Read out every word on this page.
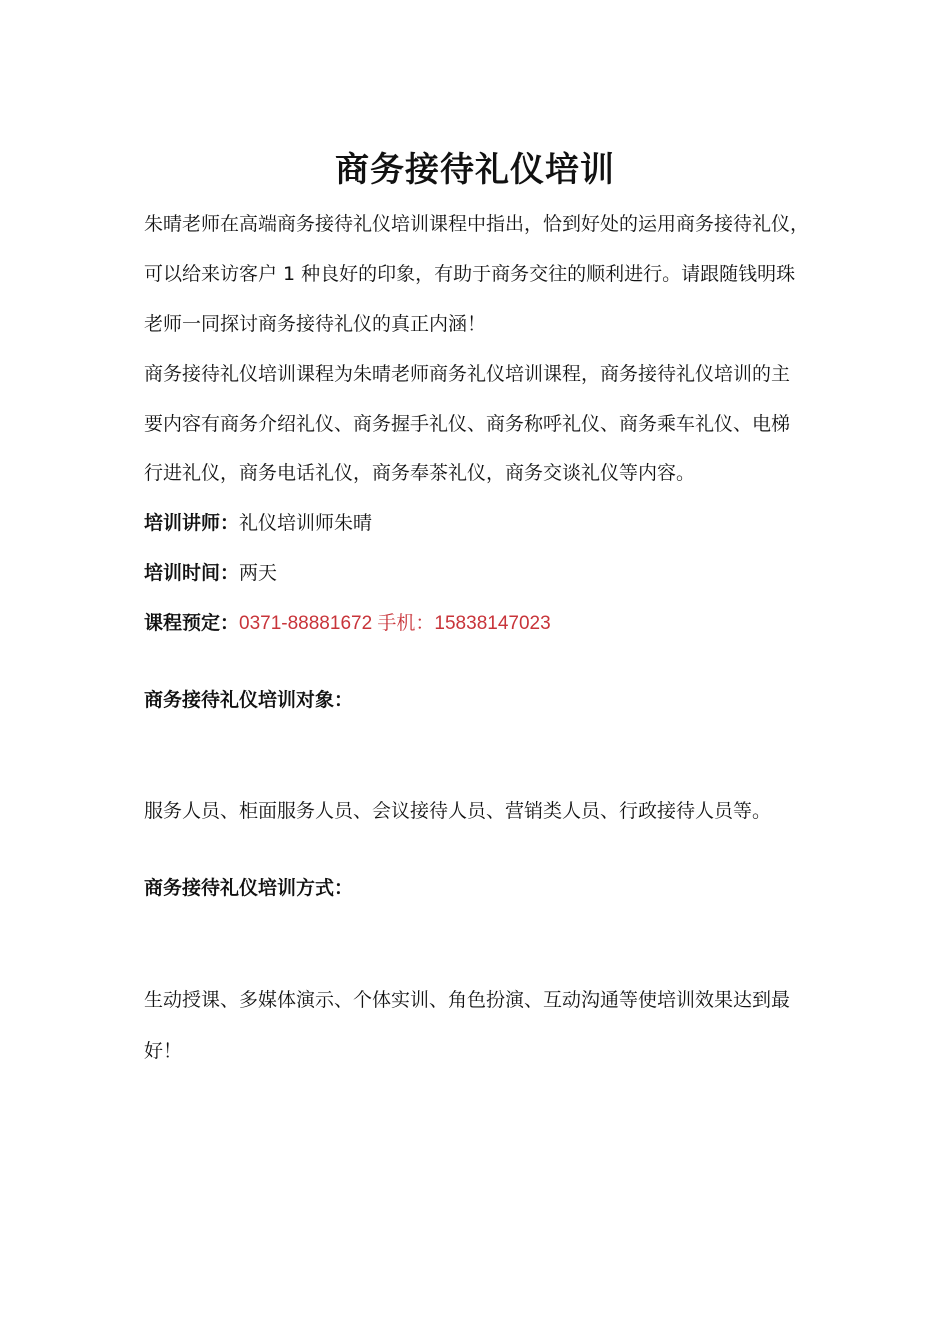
商务接待礼仪培训
朱晴老师在高端商务接待礼仪培训课程中指出，恰到好处的运用商务接待礼仪，
可以给来访客户 1 种良好的印象，有助于商务交往的顺利进行。请跟随钱明珠
老师一同探讨商务接待礼仪的真正内涵！
商务接待礼仪培训课程为朱晴老师商务礼仪培训课程，商务接待礼仪培训的主
要内容有商务介绍礼仪、商务握手礼仪、商务称呼礼仪、商务乘车礼仪、电梯
行进礼仪，商务电话礼仪，商务奉茶礼仪，商务交谈礼仪等内容。
培训讲师：礼仪培训师朱晴
培训时间：两天
课程预定：0371-88881672 手机：15838147023
商务接待礼仪培训对象：
服务人员、柜面服务人员、会议接待人员、营销类人员、行政接待人员等。
商务接待礼仪培训方式：
生动授课、多媒体演示、个体实训、角色扮演、互动沟通等使培训效果达到最
好！
